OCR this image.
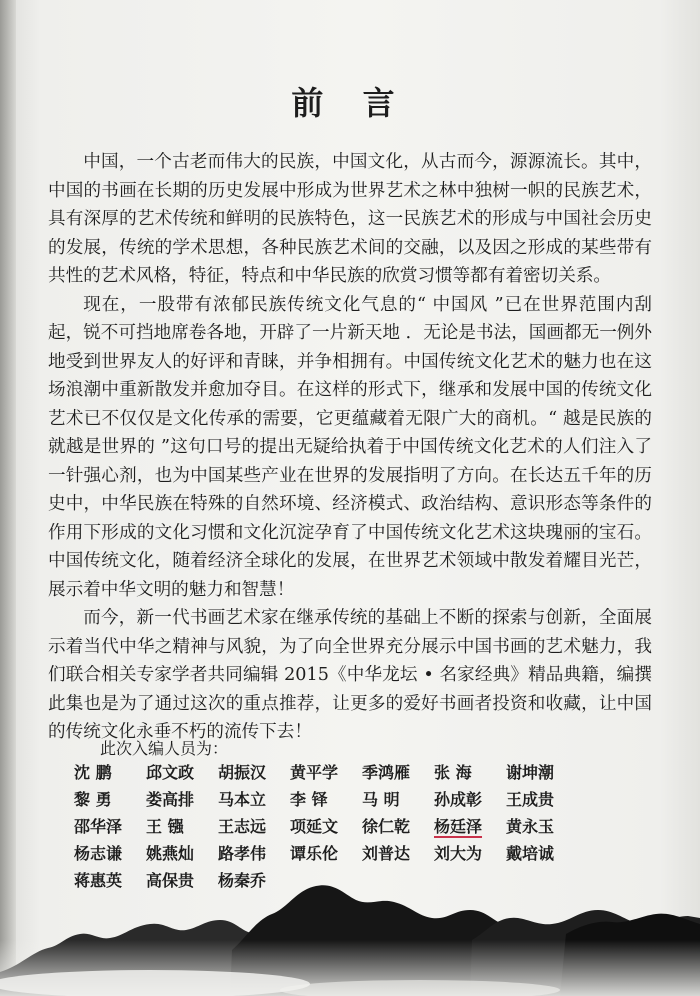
前 言

中国，一个古老而伟大的民族，中国文化，从古而今，源源流长。其中，中国的书画在长期的历史发展中形成为世界艺术之林中独树一帜的民族艺术，具有深厚的艺术传统和鲜明的民族特色，这一民族艺术的形成与中国社会历史的发展，传统的学术思想，各种民族艺术间的交融，以及因之形成的某些带有共性的艺术风格，特征，特点和中华民族的欣赏习惯等都有着密切关系。

现在，一股带有浓郁民族传统文化气息的“ 中国风 ”已在世界范围内刮起，锐不可挡地席卷各地，开辟了一片新天地 ．无论是书法，国画都无一例外地受到世界友人的好评和青睐，并争相拥有。中国传统文化艺术的魅力也在这场浪潮中重新散发并愈加夺目。在这样的形式下，继承和发展中国的传统文化艺术已不仅仅是文化传承的需要，它更蕴藏着无限广大的商机。“ 越是民族的就越是世界的 ”这句口号的提出无疑给执着于中国传统文化艺术的人们注入了一针强心剂，也为中国某些产业在世界的发展指明了方向。在长达五千年的历史中，中华民族在特殊的自然环境、经济模式、政治结构、意识形态等条件的作用下形成的文化习惯和文化沉淀孕育了中国传统文化艺术这块瑰丽的宝石。中国传统文化，随着经济全球化的发展，在世界艺术领域中散发着耀目光芒，展示着中华文明的魅力和智慧！

而今，新一代书画艺术家在继承传统的基础上不断的探索与创新，全面展示着当代中华之精神与风貌，为了向全世界充分展示中国书画的艺术魅力，我们联合相关专家学者共同编辑 2015《中华龙坛 • 名家经典》精品典籍，编撰此集也是为了通过这次的重点推荐，让更多的爱好书画者投资和收藏，让中国的传统文化永垂不朽的流传下去！

此次入编人员为：
沈 鹏	邱文政	胡振汉	黄平学	季鸿雁	张 海	谢坤潮
黎 勇	娄高排	马本立	李 铎	马 明	孙成彰	王成贵
邵华泽	王 镪	王志远	项延文	徐仁乾	杨廷泽	黄永玉
杨志谦	姚燕灿	路孝伟	谭乐伦	刘普达	刘大为	戴培诚
蒋惠英	高保贵	杨秦乔
